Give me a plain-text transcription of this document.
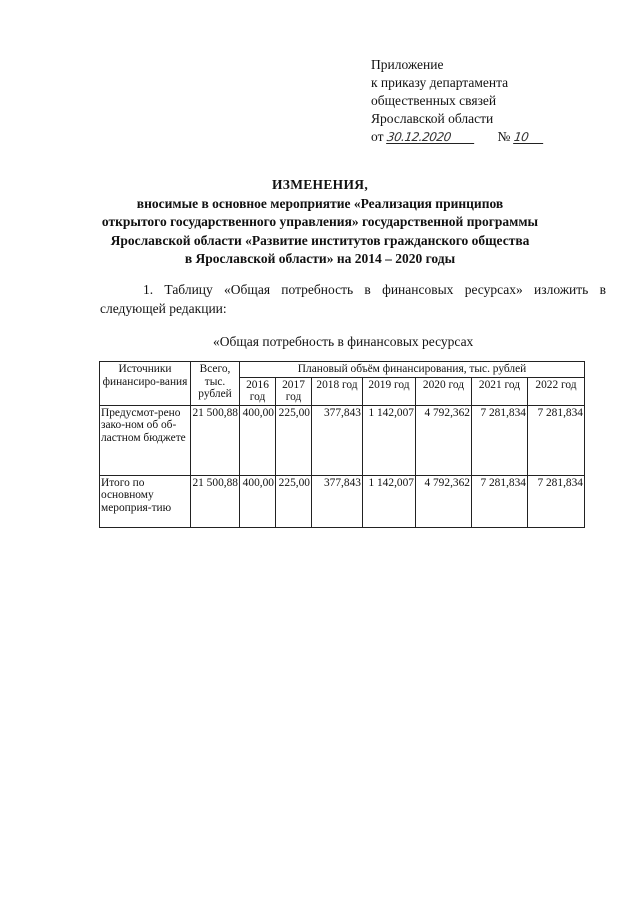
Приложение
к приказу департамента
общественных связей
Ярославской области
от 30.12.2020	№ 10
ИЗМЕНЕНИЯ,
вносимые в основное мероприятие «Реализация принципов
открытого государственного управления» государственной программы
Ярославской области «Развитие институтов гражданского общества
в Ярославской области» на 2014 – 2020 годы
1. Таблицу «Общая потребность в финансовых ресурсах» изложить в следующей редакции:
«Общая потребность в финансовых ресурсах
Источники финансиро-вания	Всего, тыс. рублей	Плановый объём финансирования, тыс. рублей						
		2016 год	2017 год	2018 год	2019 год	2020 год	2021 год	2022 год
Предусмот-рено зако-ном об об-ластном бюджете	21 500,88	400,00	225,00	377,843	1 142,007	4 792,362	7 281,834	7 281,834
Итого по основному мероприя-тию	21 500,88	400,00	225,00	377,843	1 142,007	4 792,362	7 281,834	7 281,834
